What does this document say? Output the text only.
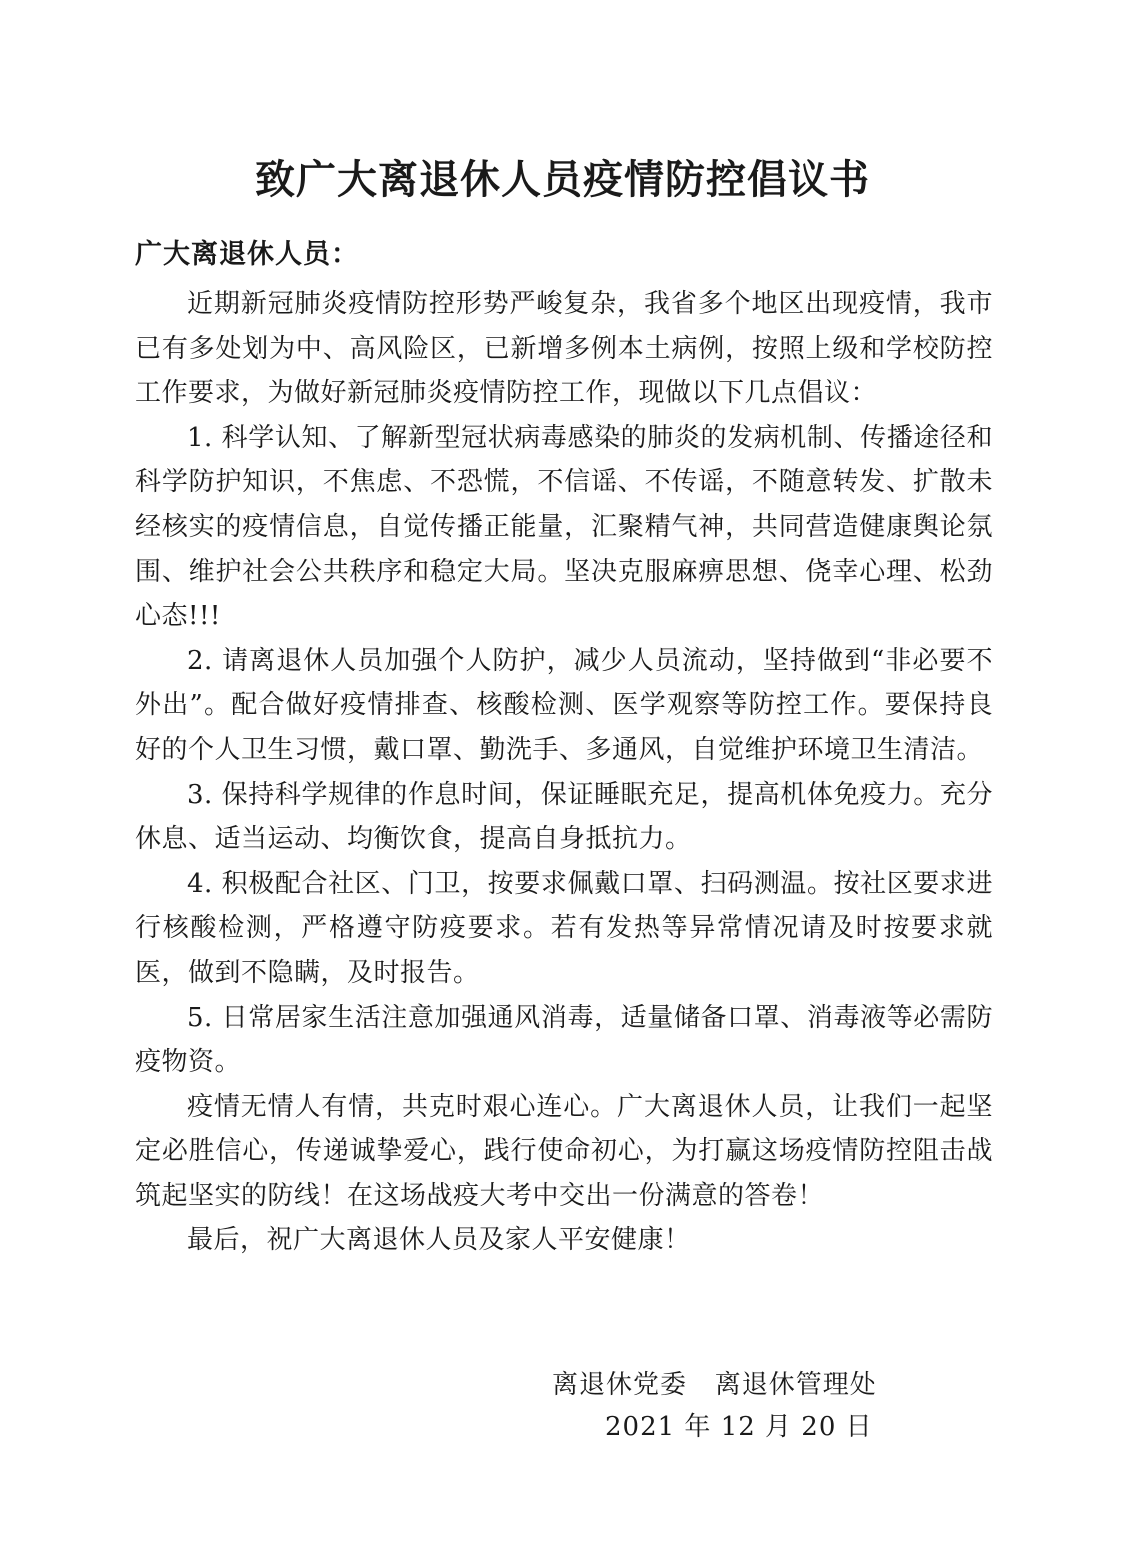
致广大离退休人员疫情防控倡议书
广大离退休人员：

近期新冠肺炎疫情防控形势严峻复杂，我省多个地区出现疫情，我市已有多处划为中、高风险区，已新增多例本土病例，按照上级和学校防控工作要求，为做好新冠肺炎疫情防控工作，现做以下几点倡议：

1. 科学认知、了解新型冠状病毒感染的肺炎的发病机制、传播途径和科学防护知识，不焦虑、不恐慌，不信谣、不传谣，不随意转发、扩散未经核实的疫情信息，自觉传播正能量，汇聚精气神，共同营造健康舆论氛围、维护社会公共秩序和稳定大局。坚决克服麻痹思想、侥幸心理、松劲心态!!!

2. 请离退休人员加强个人防护，减少人员流动，坚持做到“非必要不外出”。配合做好疫情排查、核酸检测、医学观察等防控工作。要保持良好的个人卫生习惯，戴口罩、勤洗手、多通风，自觉维护环境卫生清洁。

3. 保持科学规律的作息时间，保证睡眠充足，提高机体免疫力。充分休息、适当运动、均衡饮食，提高自身抵抗力。

4. 积极配合社区、门卫，按要求佩戴口罩、扫码测温。按社区要求进行核酸检测，严格遵守防疫要求。若有发热等异常情况请及时按要求就医，做到不隐瞒，及时报告。

5. 日常居家生活注意加强通风消毒，适量储备口罩、消毒液等必需防疫物资。

疫情无情人有情，共克时艰心连心。广大离退休人员，让我们一起坚定必胜信心，传递诚挚爱心，践行使命初心，为打赢这场疫情防控阻击战筑起坚实的防线！在这场战疫大考中交出一份满意的答卷！

最后，祝广大离退休人员及家人平安健康！

离退休党委   离退休管理处
2021 年 12 月 20 日
